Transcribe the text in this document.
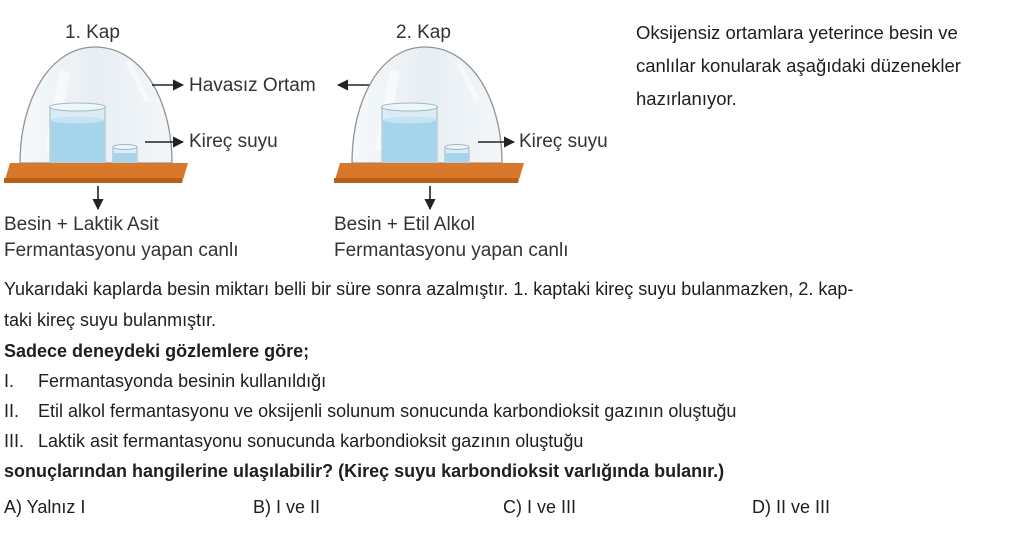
1. Kap	2. Kap
Havasız Ortam
Kireç suyu	Kireç suyu
Besin + Laktik Asit
Fermantasyonu yapan canlı
Besin + Etil Alkol
Fermantasyonu yapan canlı
Oksijensiz ortamlara yeterince besin ve
canlılar konularak aşağıdaki düzenekler
hazırlanıyor.
Yukarıdaki kaplarda besin miktarı belli bir süre sonra azalmıştır. 1. kaptaki kireç suyu bulanmazken, 2. kap-
taki kireç suyu bulanmıştır.
Sadece deneydeki gözlemlere göre;
I. Fermantasyonda besinin kullanıldığı
II. Etil alkol fermantasyonu ve oksijenli solunum sonucunda karbondioksit gazının oluştuğu
III. Laktik asit fermantasyonu sonucunda karbondioksit gazının oluştuğu
sonuçlarından hangilerine ulaşılabilir? (Kireç suyu karbondioksit varlığında bulanır.)
A) Yalnız I	B) I ve II	C) I ve III	D) II ve III
